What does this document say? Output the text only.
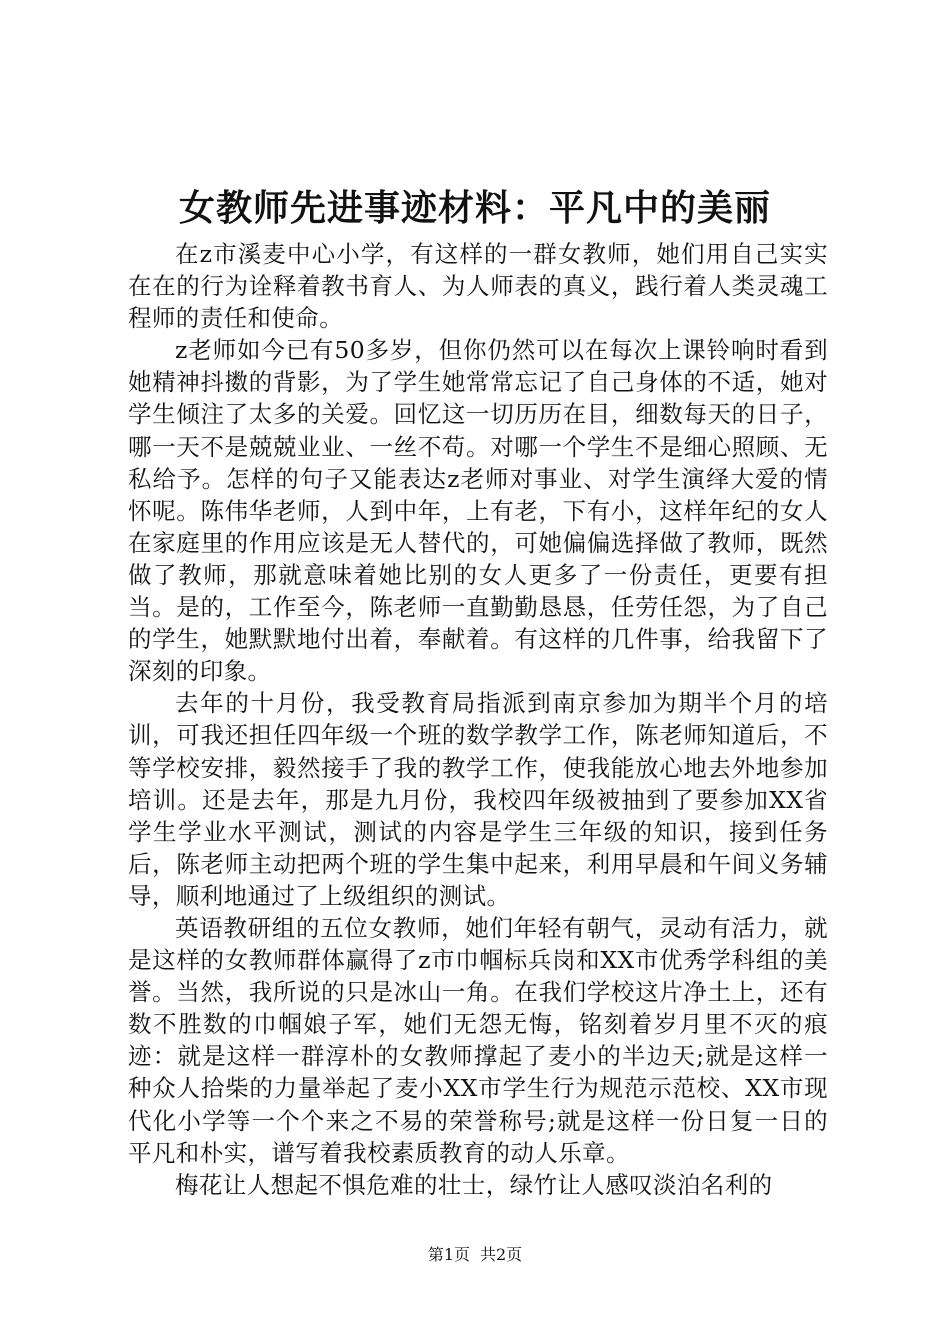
女教师先进事迹材料：平凡中的美丽

在z市溪麦中心小学，有这样的一群女教师，她们用自己实实在在的行为诠释着教书育人、为人师表的真义，践行着人类灵魂工程师的责任和使命。

z老师如今已有50多岁，但你仍然可以在每次上课铃响时看到她精神抖擞的背影，为了学生她常常忘记了自己身体的不适，她对学生倾注了太多的关爱。回忆这一切历历在目，细数每天的日子，哪一天不是兢兢业业、一丝不苟。对哪一个学生不是细心照顾、无私给予。怎样的句子又能表达z老师对事业、对学生演绎大爱的情怀呢。陈伟华老师，人到中年，上有老，下有小，这样年纪的女人在家庭里的作用应该是无人替代的，可她偏偏选择做了教师，既然做了教师，那就意味着她比别的女人更多了一份责任，更要有担当。是的，工作至今，陈老师一直勤勤恳恳，任劳任怨，为了自己的学生，她默默地付出着，奉献着。有这样的几件事，给我留下了深刻的印象。

去年的十月份，我受教育局指派到南京参加为期半个月的培训，可我还担任四年级一个班的数学教学工作，陈老师知道后，不等学校安排，毅然接手了我的教学工作，使我能放心地去外地参加培训。还是去年，那是九月份，我校四年级被抽到了要参加XX省学生学业水平测试，测试的内容是学生三年级的知识，接到任务后，陈老师主动把两个班的学生集中起来，利用早晨和午间义务辅导，顺利地通过了上级组织的测试。

英语教研组的五位女教师，她们年轻有朝气，灵动有活力，就是这样的女教师群体赢得了z市巾帼标兵岗和XX市优秀学科组的美誉。当然，我所说的只是冰山一角。在我们学校这片净土上，还有数不胜数的巾帼娘子军，她们无怨无悔，铭刻着岁月里不灭的痕迹：就是这样一群淳朴的女教师撑起了麦小的半边天;就是这样一种众人拾柴的力量举起了麦小XX市学生行为规范示范校、XX市现代化小学等一个个来之不易的荣誉称号;就是这样一份日复一日的平凡和朴实，谱写着我校素质教育的动人乐章。

梅花让人想起不惧危难的壮士，绿竹让人感叹淡泊名利的

第1页 共2页
